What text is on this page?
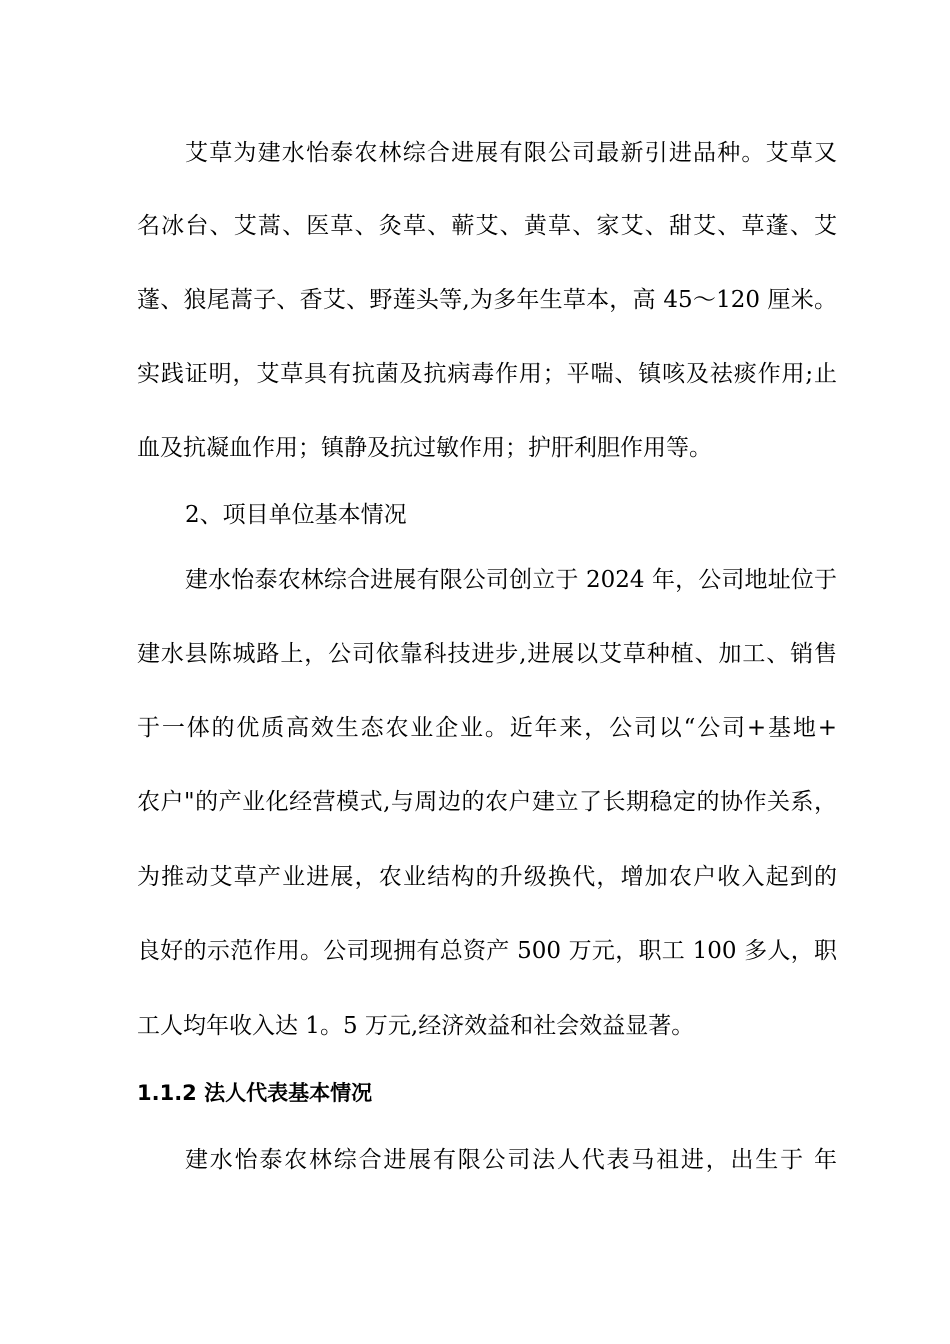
艾草为建水怡泰农林综合进展有限公司最新引进品种。艾草又
名冰台、艾蒿、医草、灸草、蕲艾、黄草、家艾、甜艾、草蓬、艾
蓬、狼尾蒿子、香艾、野莲头等,为多年生草本，高 45～120 厘米。
实践证明，艾草具有抗菌及抗病毒作用；平喘、镇咳及祛痰作用;止
血及抗凝血作用；镇静及抗过敏作用；护肝利胆作用等。
2、项目单位基本情况
建水怡泰农林综合进展有限公司创立于 2024 年，公司地址位于
建水县陈城路上，公司依靠科技进步,进展以艾草种植、加工、销售
于一体的优质高效生态农业企业。近年来，公司以“公司+基地+
农户"的产业化经营模式,与周边的农户建立了长期稳定的协作关系，
为推动艾草产业进展，农业结构的升级换代，增加农户收入起到的
良好的示范作用。公司现拥有总资产 500 万元，职工 100 多人，职
工人均年收入达 1。5 万元,经济效益和社会效益显著。
1.1.2 法人代表基本情况
建水怡泰农林综合进展有限公司法人代表马祖进，出生于 年
